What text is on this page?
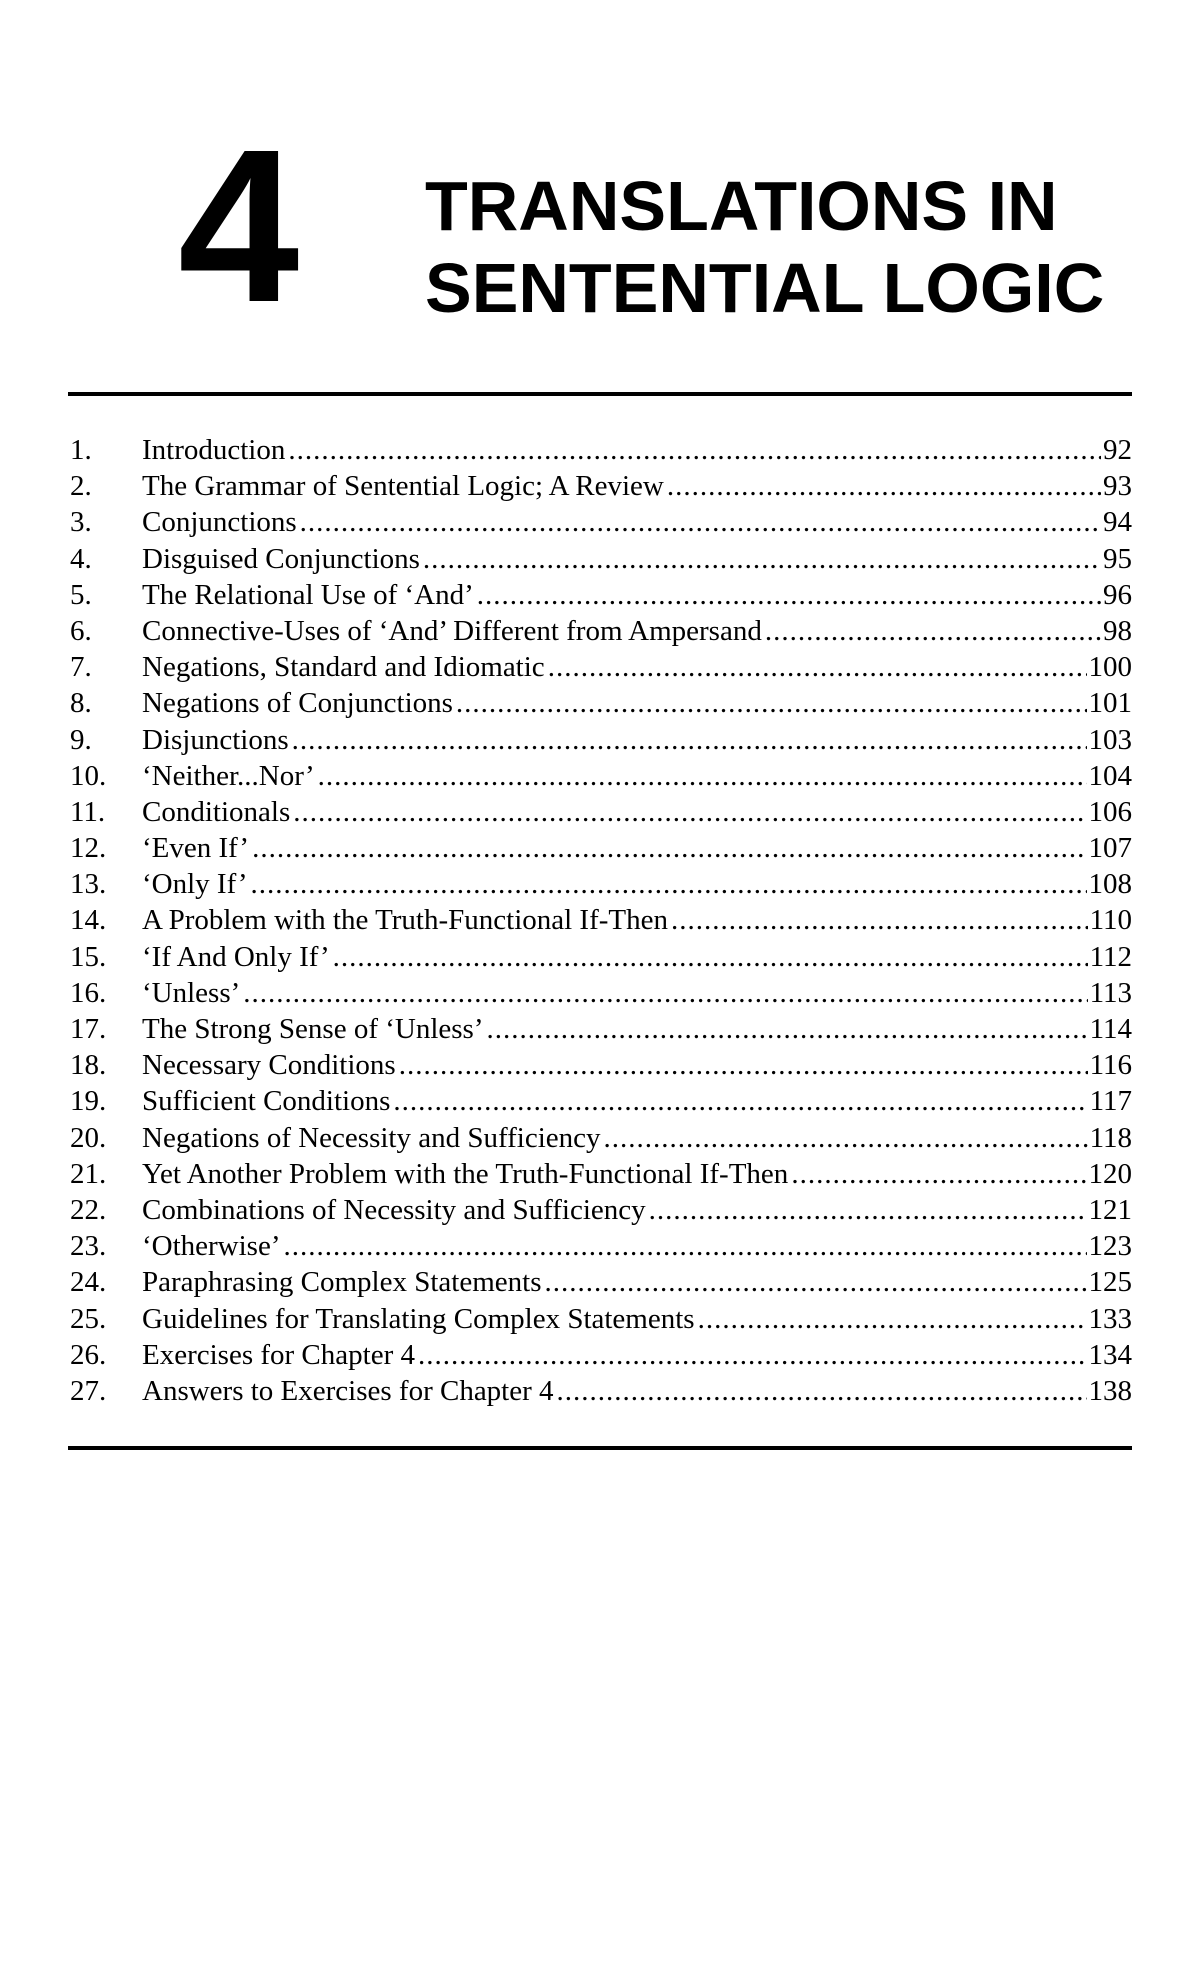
4 TRANSLATIONS IN
SENTENTIAL LOGIC
1.	Introduction .....	92
2.	The Grammar of Sentential Logic; A Review .....	93
3.	Conjunctions .....	94
4.	Disguised Conjunctions .....	95
5.	The Relational Use of ‘And’ .....	96
6.	Connective-Uses of ‘And’ Different from Ampersand .....	98
7.	Negations, Standard and Idiomatic .....	100
8.	Negations of Conjunctions .....	101
9.	Disjunctions .....	103
10.	‘Neither...Nor’ .....	104
11.	Conditionals .....	106
12.	‘Even If’ .....	107
13.	‘Only If’ .....	108
14.	A Problem with the Truth-Functional If-Then .....	110
15.	‘If And Only If’ .....	112
16.	‘Unless’ .....	113
17.	The Strong Sense of ‘Unless’ .....	114
18.	Necessary Conditions .....	116
19.	Sufficient Conditions .....	117
20.	Negations of Necessity and Sufficiency .....	118
21.	Yet Another Problem with the Truth-Functional If-Then .....	120
22.	Combinations of Necessity and Sufficiency .....	121
23.	‘Otherwise’ .....	123
24.	Paraphrasing Complex Statements .....	125
25.	Guidelines for Translating Complex Statements .....	133
26.	Exercises for Chapter 4 .....	134
27.	Answers to Exercises for Chapter 4 .....	138
